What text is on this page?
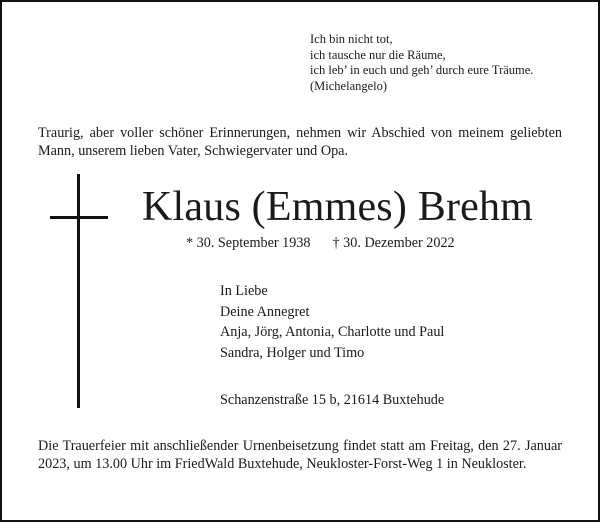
Ich bin nicht tot,
ich tausche nur die Räume,
ich leb’ in euch und geh’ durch eure Träume.
(Michelangelo)
Traurig, aber voller schöner Erinnerungen, nehmen wir Abschied von meinem geliebten Mann, unserem lieben Vater, Schwiegervater und Opa.
Klaus (Emmes) Brehm
* 30. September 1938 † 30. Dezember 2022
In Liebe
Deine Annegret
Anja, Jörg, Antonia, Charlotte und Paul
Sandra, Holger und Timo
Schanzenstraße 15 b, 21614 Buxtehude
Die Trauerfeier mit anschließender Urnenbeisetzung findet statt am Freitag, den 27. Januar 2023, um 13.00 Uhr im FriedWald Buxtehude, Neukloster-Forst-Weg 1 in Neukloster.
